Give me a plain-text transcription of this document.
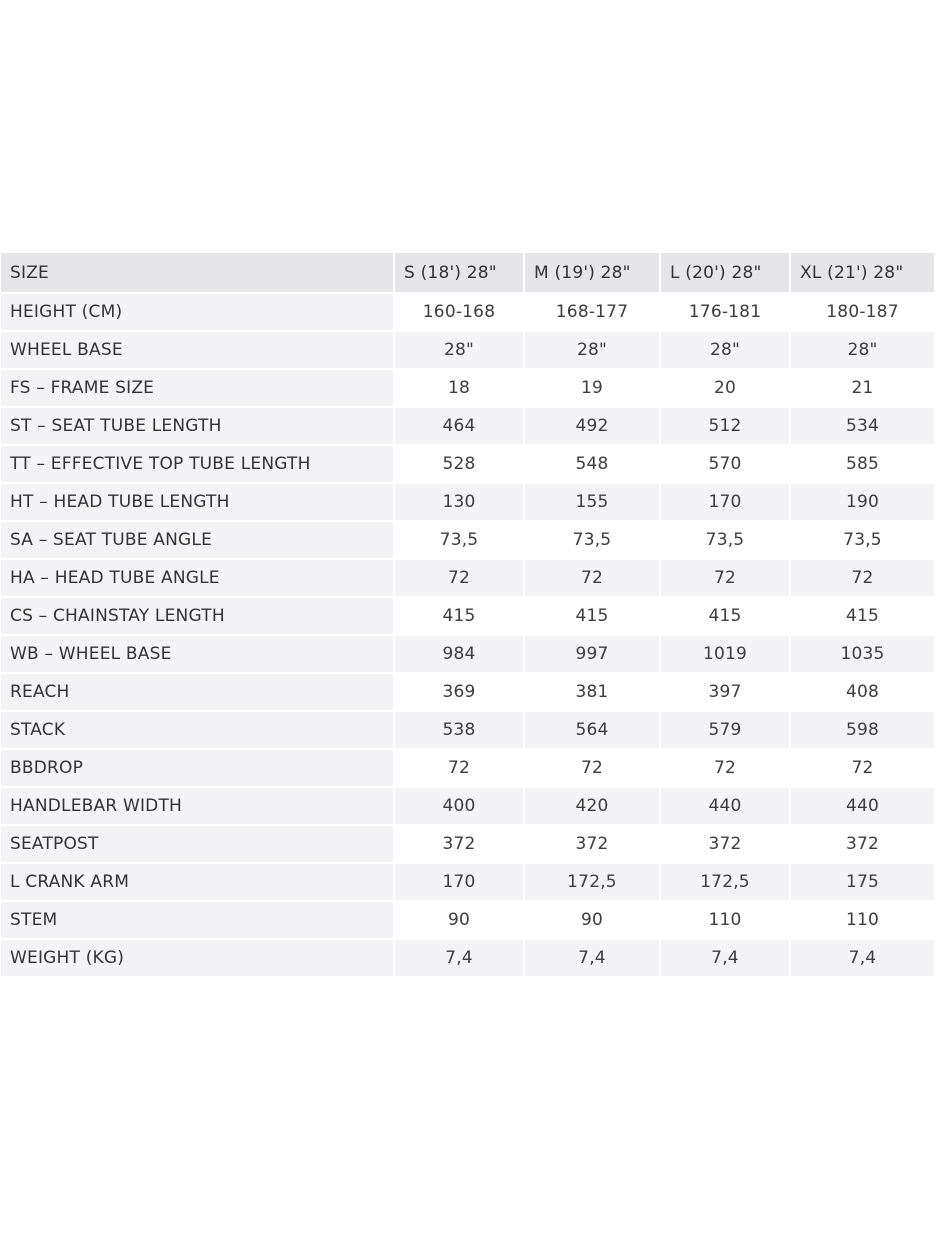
SIZE	S (18') 28"	M (19') 28"	L (20') 28"	XL (21') 28"
HEIGHT (CM)	160-168	168-177	176-181	180-187
WHEEL BASE	28"	28"	28"	28"
FS – FRAME SIZE	18	19	20	21
ST – SEAT TUBE LENGTH	464	492	512	534
TT – EFFECTIVE TOP TUBE LENGTH	528	548	570	585
HT – HEAD TUBE LENGTH	130	155	170	190
SA – SEAT TUBE ANGLE	73,5	73,5	73,5	73,5
HA – HEAD TUBE ANGLE	72	72	72	72
CS – CHAINSTAY LENGTH	415	415	415	415
WB – WHEEL BASE	984	997	1019	1035
REACH	369	381	397	408
STACK	538	564	579	598
BBDROP	72	72	72	72
HANDLEBAR WIDTH	400	420	440	440
SEATPOST	372	372	372	372
L CRANK ARM	170	172,5	172,5	175
STEM	90	90	110	110
WEIGHT (KG)	7,4	7,4	7,4	7,4
